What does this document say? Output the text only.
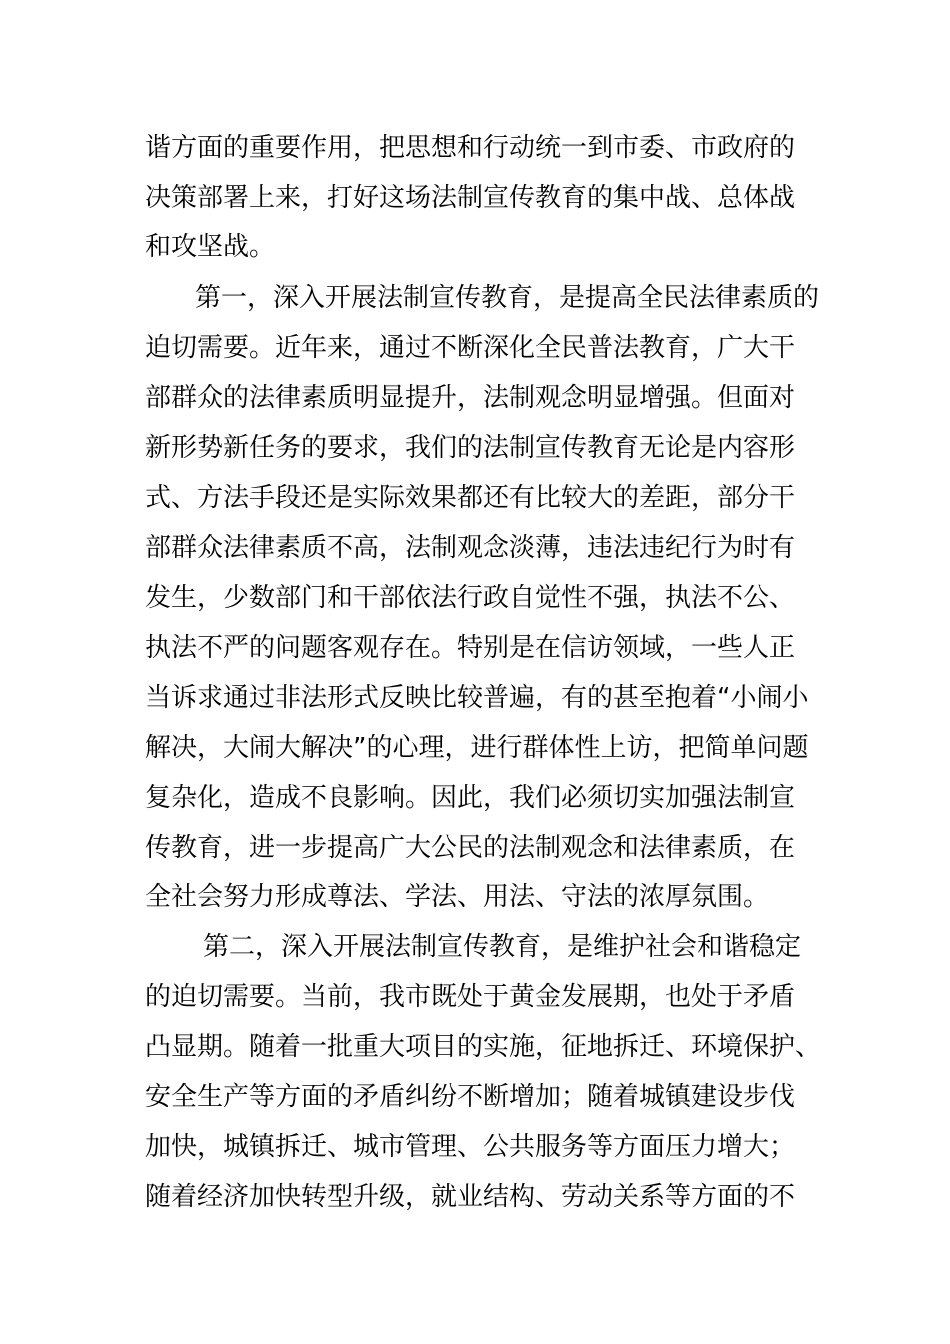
谐方面的重要作用，把思想和行动统一到市委、市政府的
决策部署上来，打好这场法制宣传教育的集中战、总体战
和攻坚战。
第一，深入开展法制宣传教育，是提高全民法律素质的
迫切需要。近年来，通过不断深化全民普法教育，广大干
部群众的法律素质明显提升，法制观念明显增强。但面对
新形势新任务的要求，我们的法制宣传教育无论是内容形
式、方法手段还是实际效果都还有比较大的差距，部分干
部群众法律素质不高，法制观念淡薄，违法违纪行为时有
发生，少数部门和干部依法行政自觉性不强，执法不公、
执法不严的问题客观存在。特别是在信访领域，一些人正
当诉求通过非法形式反映比较普遍，有的甚至抱着“小闹小
解决，大闹大解决”的心理，进行群体性上访，把简单问题
复杂化，造成不良影响。因此，我们必须切实加强法制宣
传教育，进一步提高广大公民的法制观念和法律素质，在
全社会努力形成尊法、学法、用法、守法的浓厚氛围。
第二，深入开展法制宣传教育，是维护社会和谐稳定
的迫切需要。当前，我市既处于黄金发展期，也处于矛盾
凸显期。随着一批重大项目的实施，征地拆迁、环境保护、
安全生产等方面的矛盾纠纷不断增加；随着城镇建设步伐
加快，城镇拆迁、城市管理、公共服务等方面压力增大；
随着经济加快转型升级，就业结构、劳动关系等方面的不
